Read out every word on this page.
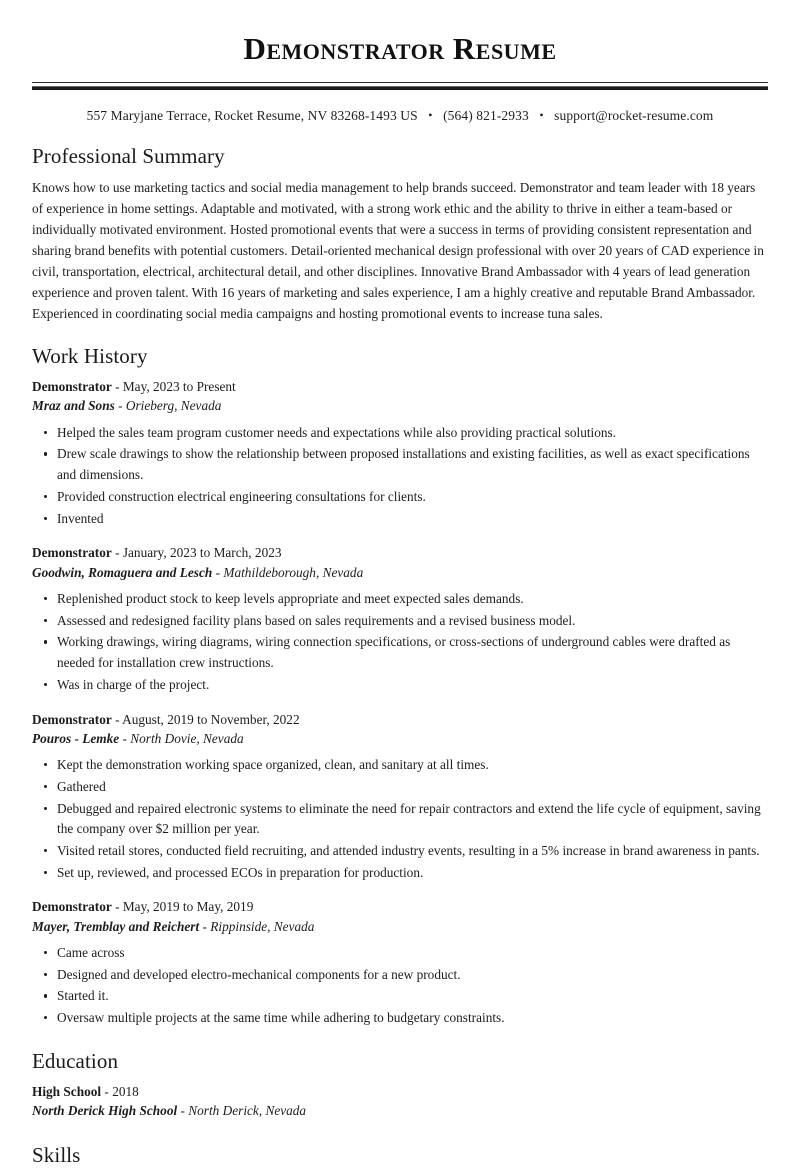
Demonstrator Resume
557 Maryjane Terrace, Rocket Resume, NV 83268-1493 US • (564) 821-2933 • support@rocket-resume.com
Professional Summary

Knows how to use marketing tactics and social media management to help brands succeed. Demonstrator and team leader with 18 years of experience in home settings. Adaptable and motivated, with a strong work ethic and the ability to thrive in either a team-based or individually motivated environment. Hosted promotional events that were a success in terms of providing consistent representation and sharing brand benefits with potential customers. Detail-oriented mechanical design professional with over 20 years of CAD experience in civil, transportation, electrical, architectural detail, and other disciplines. Innovative Brand Ambassador with 4 years of lead generation experience and proven talent. With 16 years of marketing and sales experience, I am a highly creative and reputable Brand Ambassador. Experienced in coordinating social media campaigns and hosting promotional events to increase tuna sales.

Work History
Demonstrator - May, 2023 to Present
Mraz and Sons - Orieberg, Nevada
Helped the sales team program customer needs and expectations while also providing practical solutions.
Drew scale drawings to show the relationship between proposed installations and existing facilities, as well as exact specifications and dimensions.
Provided construction electrical engineering consultations for clients.
Invented
Demonstrator - January, 2023 to March, 2023
Goodwin, Romaguera and Lesch - Mathildeborough, Nevada
Replenished product stock to keep levels appropriate and meet expected sales demands.
Assessed and redesigned facility plans based on sales requirements and a revised business model.
Working drawings, wiring diagrams, wiring connection specifications, or cross-sections of underground cables were drafted as needed for installation crew instructions.
Was in charge of the project.
Demonstrator - August, 2019 to November, 2022
Pouros - Lemke - North Dovie, Nevada
Kept the demonstration working space organized, clean, and sanitary at all times.
Gathered
Debugged and repaired electronic systems to eliminate the need for repair contractors and extend the life cycle of equipment, saving the company over $2 million per year.
Visited retail stores, conducted field recruiting, and attended industry events, resulting in a 5% increase in brand awareness in pants.
Set up, reviewed, and processed ECOs in preparation for production.
Demonstrator - May, 2019 to May, 2019
Mayer, Tremblay and Reichert - Rippinside, Nevada
Came across
Designed and developed electro-mechanical components for a new product.
Started it.
Oversaw multiple projects at the same time while adhering to budgetary constraints.
Education
High School - 2018
North Derick High School - North Derick, Nevada
Skills
